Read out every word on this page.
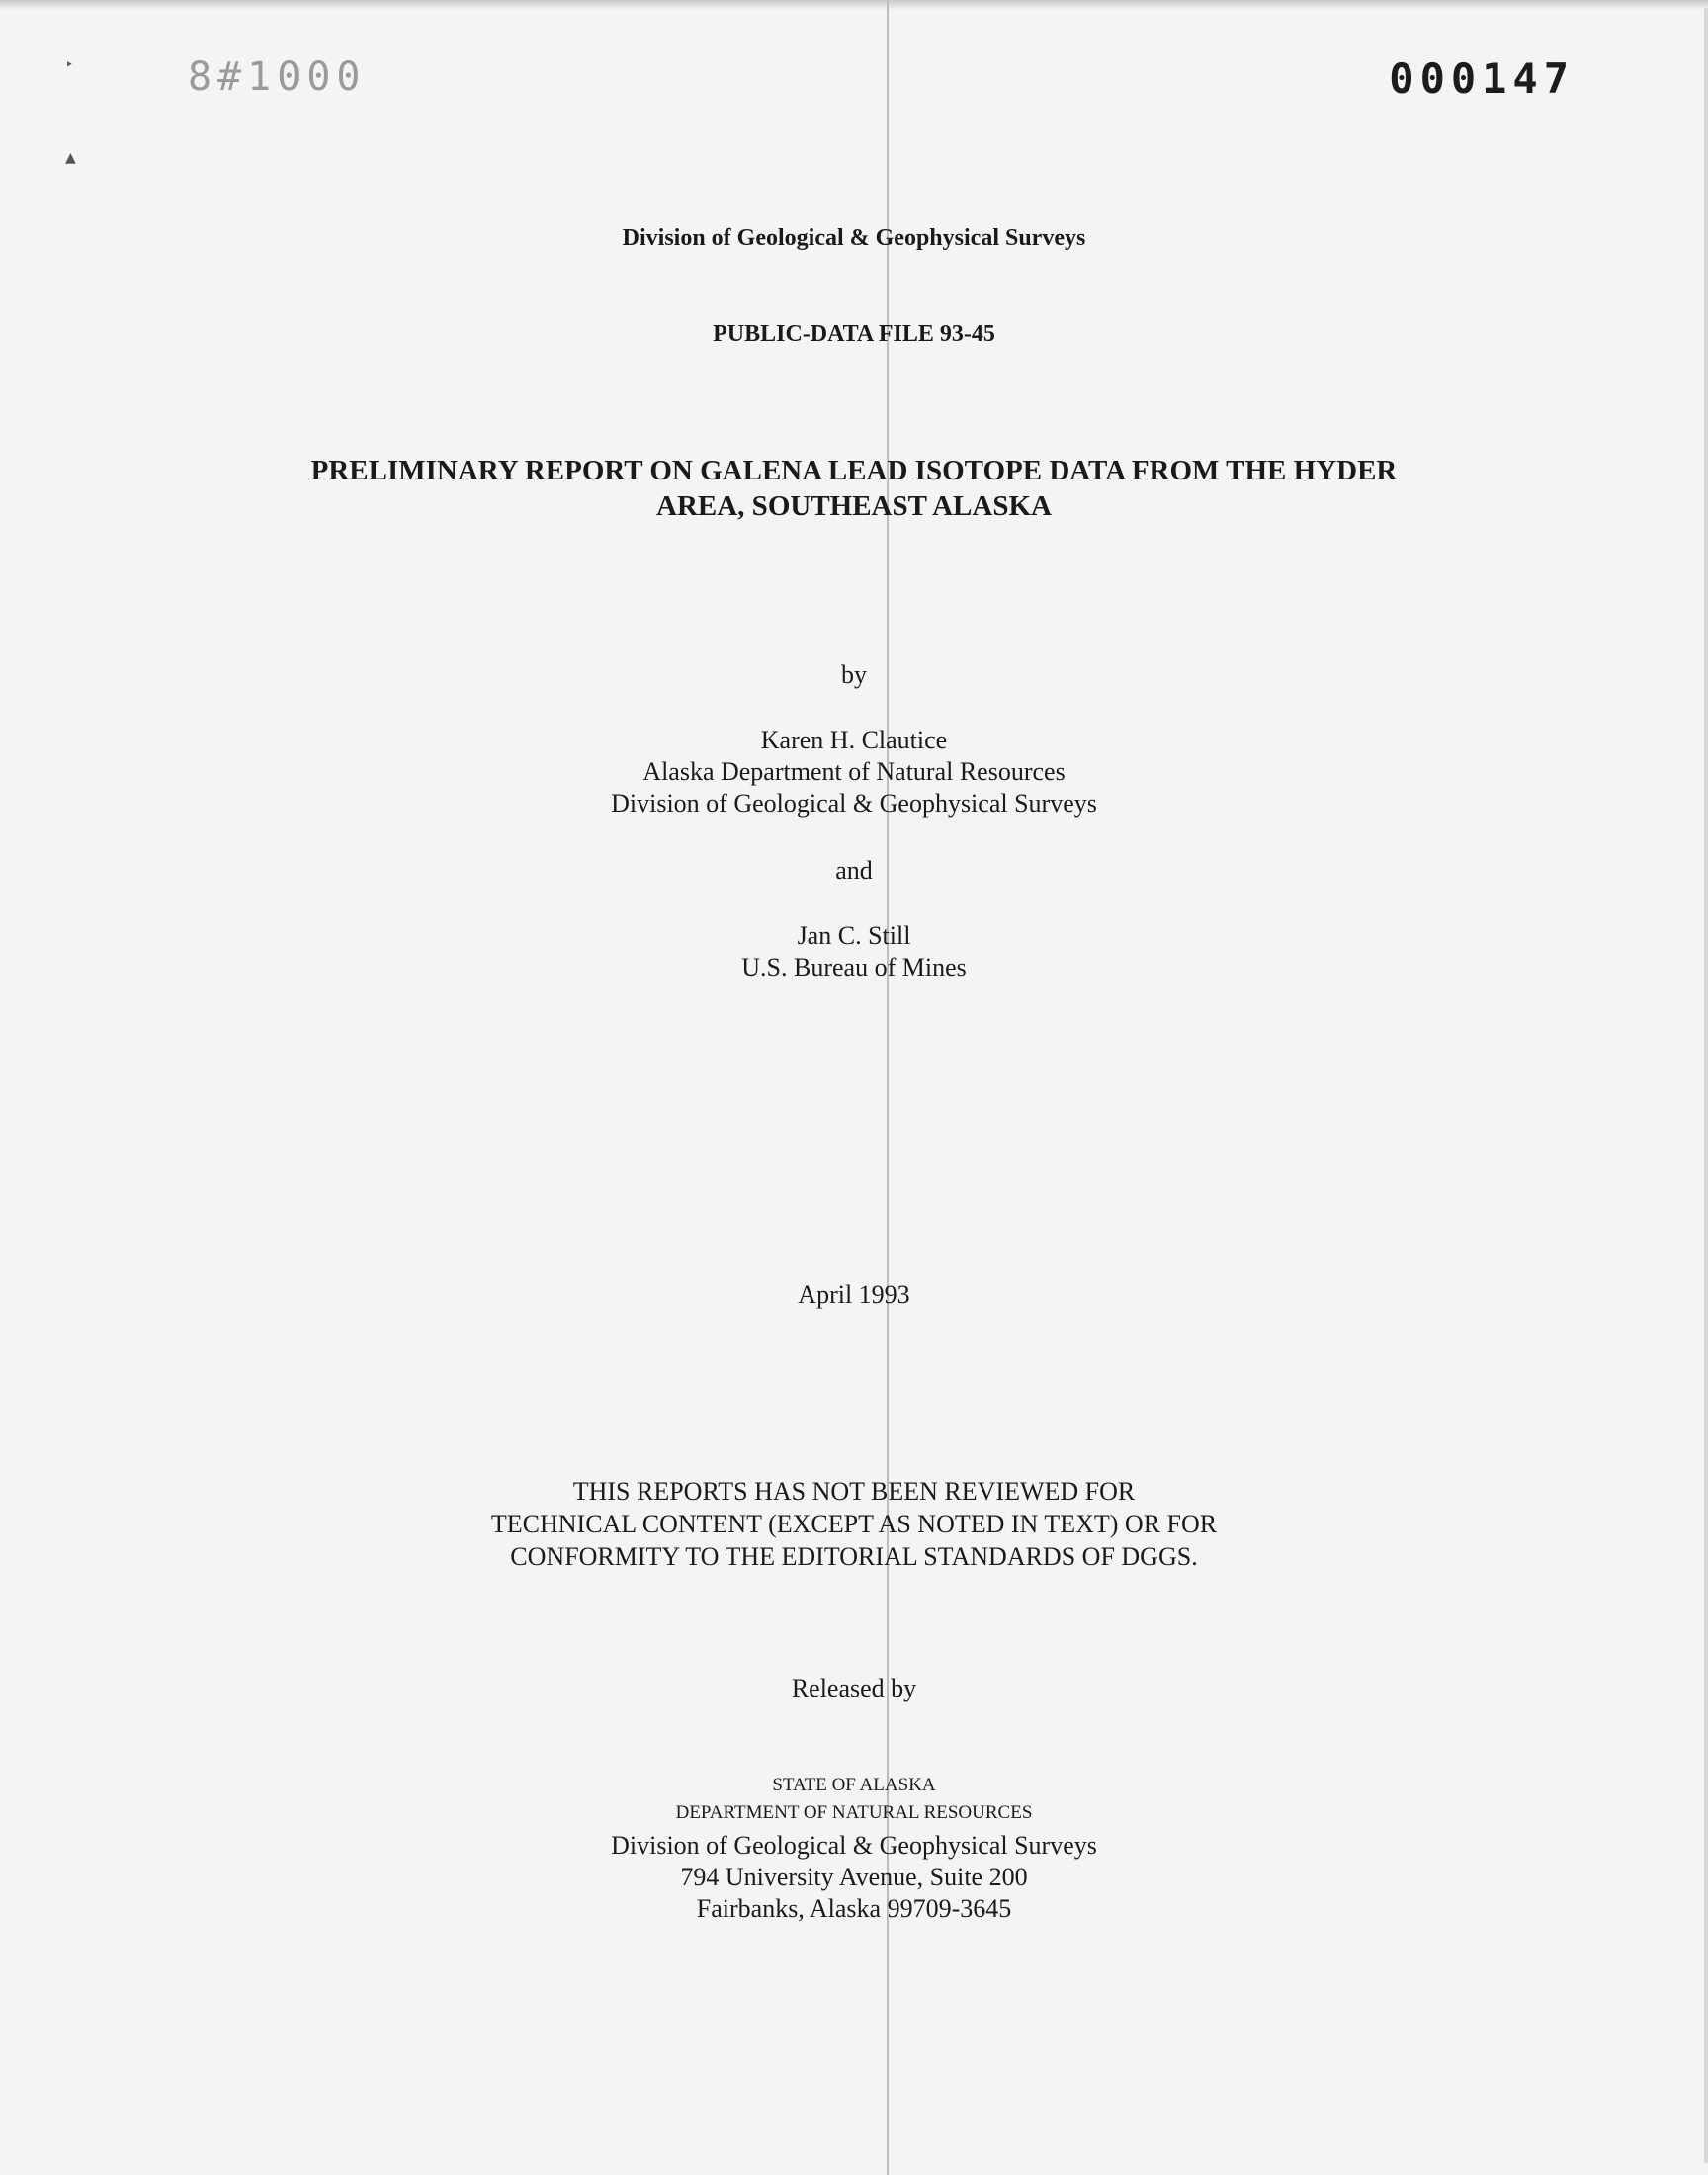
‣
▲
8#1000	000147
Division of Geological & Geophysical Surveys
PUBLIC-DATA FILE 93-45
PRELIMINARY REPORT ON GALENA LEAD ISOTOPE DATA FROM THE HYDER
AREA, SOUTHEAST ALASKA
by
Karen H. Clautice
Alaska Department of Natural Resources
Division of Geological & Geophysical Surveys
and
Jan C. Still
U.S. Bureau of Mines
April 1993
THIS REPORTS HAS NOT BEEN REVIEWED FOR
TECHNICAL CONTENT (EXCEPT AS NOTED IN TEXT) OR FOR
CONFORMITY TO THE EDITORIAL STANDARDS OF DGGS.
Released by
STATE OF ALASKA
DEPARTMENT OF NATURAL RESOURCES
Division of Geological & Geophysical Surveys
794 University Avenue, Suite 200
Fairbanks, Alaska 99709-3645
